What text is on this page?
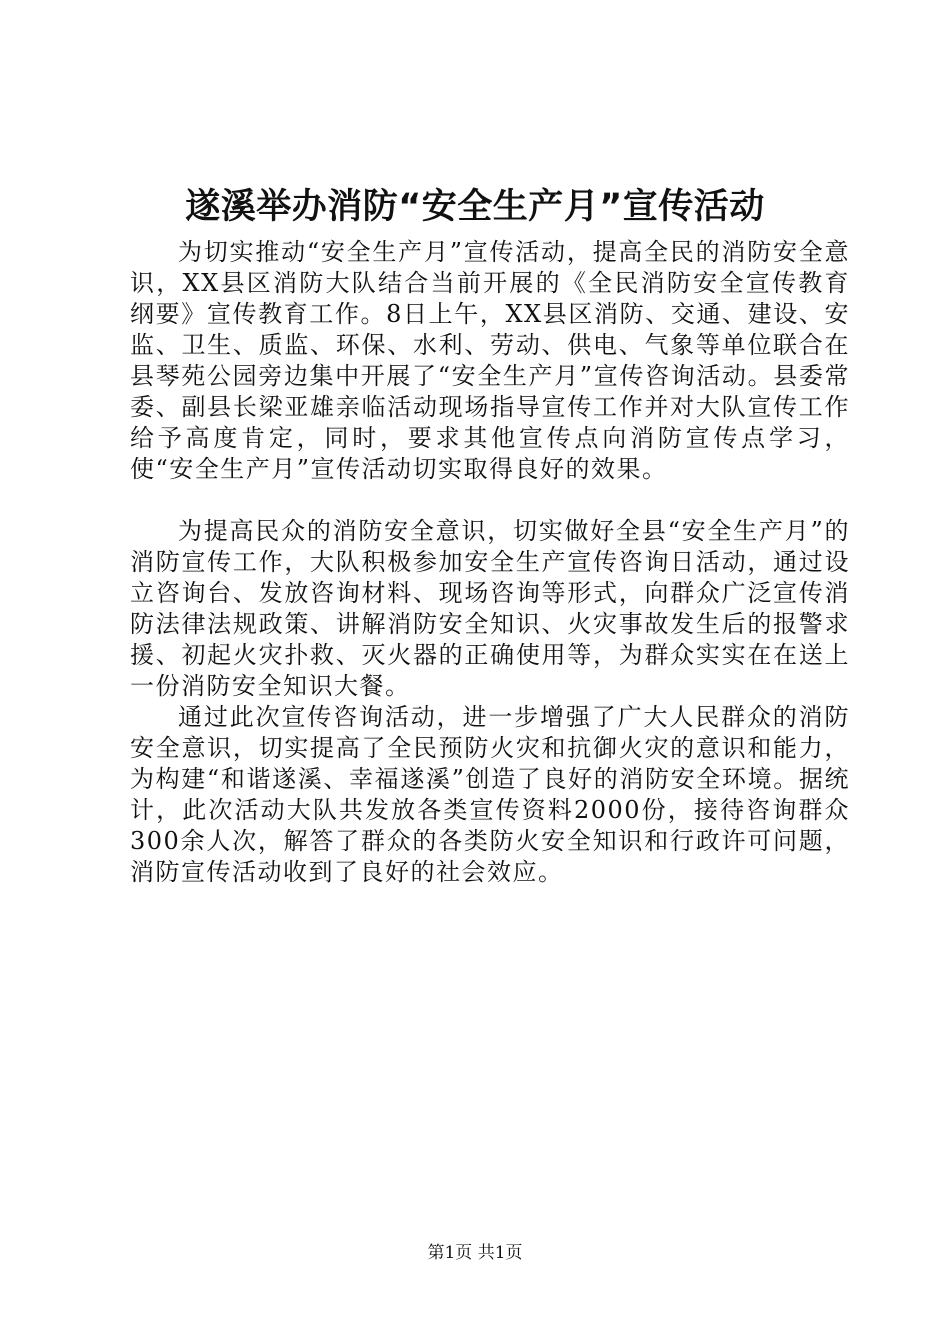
遂溪举办消防“安全生产月”宣传活动

为切实推动“安全生产月”宣传活动，提高全民的消防安全意识，XX县区消防大队结合当前开展的《全民消防安全宣传教育纲要》宣传教育工作。8日上午，XX县区消防、交通、建设、安监、卫生、质监、环保、水利、劳动、供电、气象等单位联合在县琴苑公园旁边集中开展了“安全生产月”宣传咨询活动。县委常委、副县长梁亚雄亲临活动现场指导宣传工作并对大队宣传工作给予高度肯定，同时，要求其他宣传点向消防宣传点学习，使“安全生产月”宣传活动切实取得良好的效果。

为提高民众的消防安全意识，切实做好全县“安全生产月”的消防宣传工作，大队积极参加安全生产宣传咨询日活动，通过设立咨询台、发放咨询材料、现场咨询等形式，向群众广泛宣传消防法律法规政策、讲解消防安全知识、火灾事故发生后的报警求援、初起火灾扑救、灭火器的正确使用等，为群众实实在在送上一份消防安全知识大餐。

通过此次宣传咨询活动，进一步增强了广大人民群众的消防安全意识，切实提高了全民预防火灾和抗御火灾的意识和能力，为构建“和谐遂溪、幸福遂溪”创造了良好的消防安全环境。据统计，此次活动大队共发放各类宣传资料2000份，接待咨询群众300余人次，解答了群众的各类防火安全知识和行政许可问题，消防宣传活动收到了良好的社会效应。

第1页 共1页
